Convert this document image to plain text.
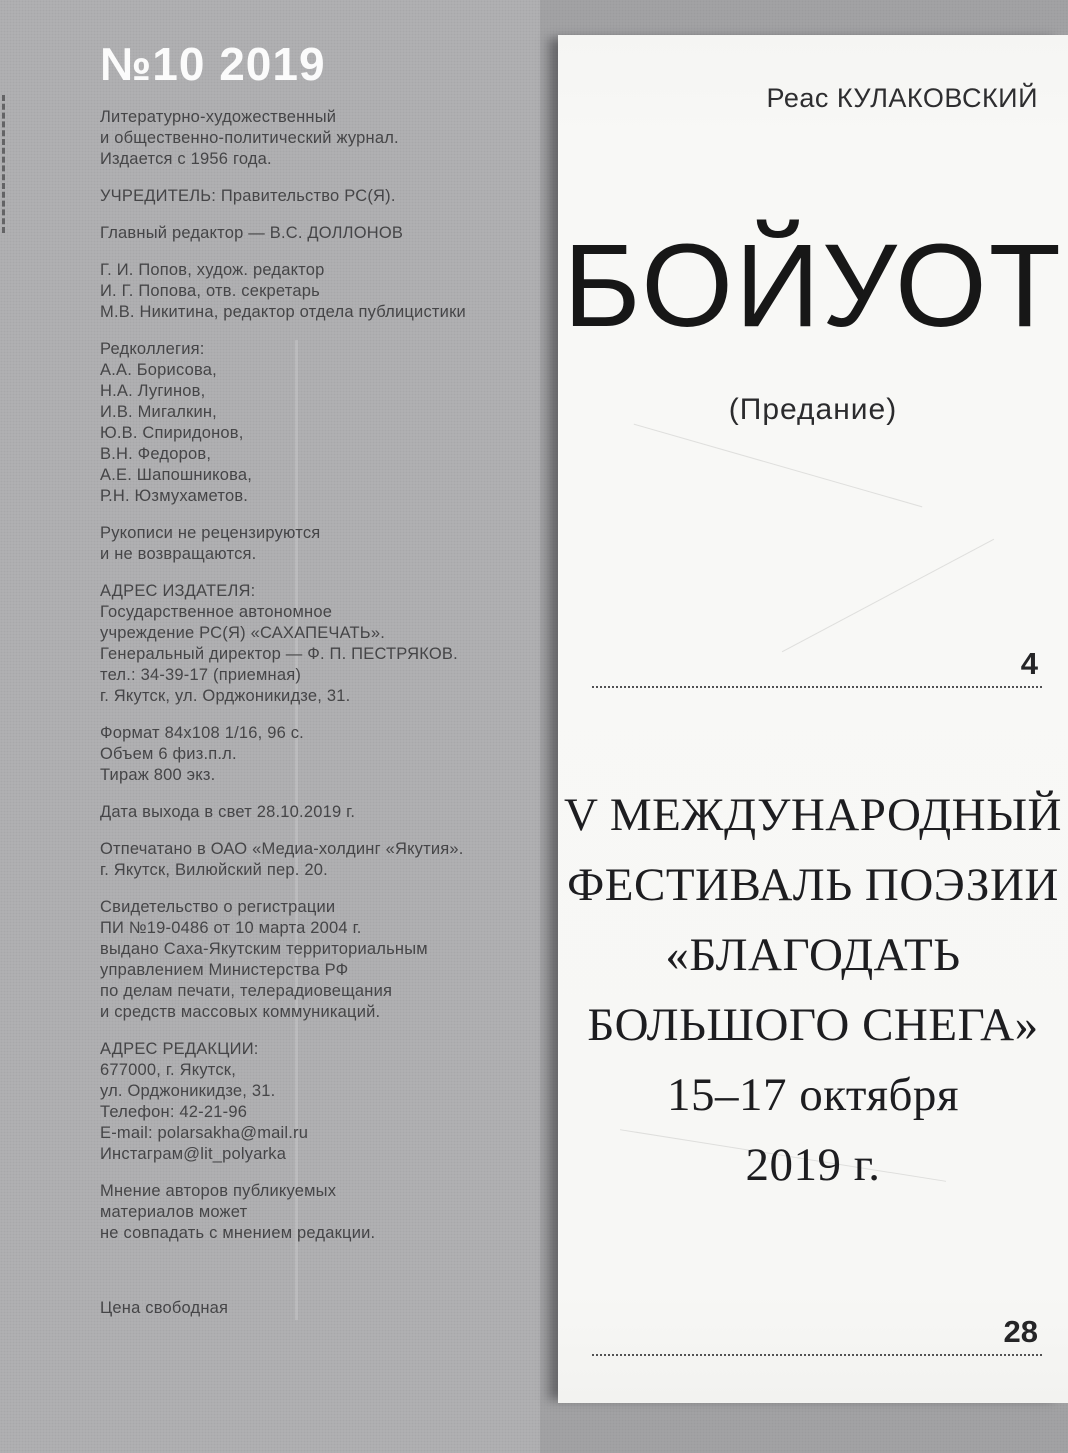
№10 2019
Литературно-художественный
и общественно-политический журнал.
Издается с 1956 года.
УЧРЕДИТЕЛЬ: Правительство РС(Я).
Главный редактор — В.С. ДОЛЛОНОВ
Г. И. Попов, худож. редактор
И. Г. Попова, отв. секретарь
М.В. Никитина, редактор отдела публицистики
Редколлегия:
А.А. Борисова,
Н.А. Лугинов,
И.В. Мигалкин,
Ю.В. Спиридонов,
В.Н. Федоров,
А.Е. Шапошникова,
Р.Н. Юзмухаметов.
Рукописи не рецензируются
и не возвращаются.
АДРЕС ИЗДАТЕЛЯ:
Государственное автономное
учреждение РС(Я) «САХАПЕЧАТЬ».
Генеральный директор — Ф. П. ПЕСТРЯКОВ.
тел.: 34-39-17 (приемная)
г. Якутск, ул. Орджоникидзе, 31.
Формат 84х108 1/16, 96 с.
Объем 6 физ.п.л.
Тираж 800 экз.
Дата выхода в свет 28.10.2019 г.
Отпечатано в ОАО «Медиа-холдинг «Якутия».
г. Якутск, Вилюйский пер. 20.
Свидетельство о регистрации
ПИ №19-0486 от 10 марта 2004 г.
выдано Саха-Якутским территориальным
управлением Министерства РФ
по делам печати, телерадиовещания
и средств массовых коммуникаций.
АДРЕС РЕДАКЦИИ:
677000, г. Якутск,
ул. Орджоникидзе, 31.
Телефон: 42-21-96
E-mail: polarsakha@mail.ru
Инстаграм@lit_polyarka
Мнение авторов публикуемых
материалов может
не совпадать с мнением редакции.
Цена свободная
Реас КУЛАКОВСКИЙ
БОЙУОТ
(Предание)
4
V МЕЖДУНАРОДНЫЙ
ФЕСТИВАЛЬ ПОЭЗИИ
«БЛАГОДАТЬ
БОЛЬШОГО СНЕГА»
15–17 октября
2019 г.
28
